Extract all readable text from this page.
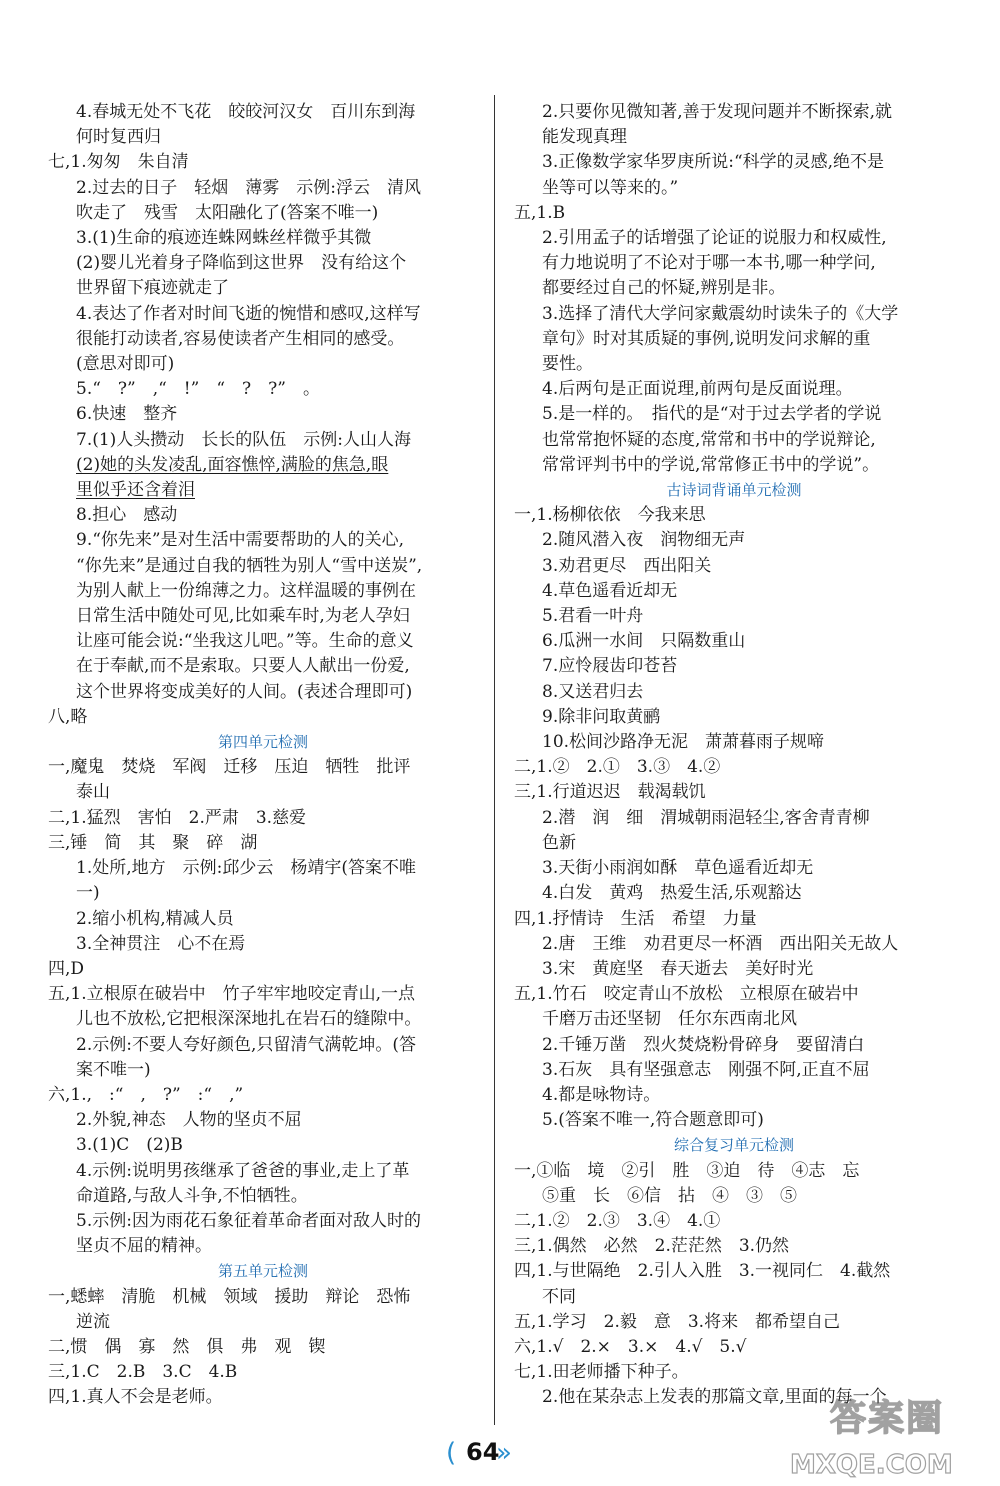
4.春城无处不飞花　皎皎河汉女　百川东到海
何时复西归
七,1.匆匆　朱自清
2.过去的日子　轻烟　薄雾　示例:浮云　清风
吹走了　残雪　太阳融化了(答案不唯一)
3.(1)生命的痕迹连蛛网蛛丝样微乎其微
(2)婴儿光着身子降临到这世界　没有给这个
世界留下痕迹就走了
4.表达了作者对时间飞逝的惋惜和感叹,这样写
很能打动读者,容易使读者产生相同的感受。
(意思对即可)
5.“　?”　,“　!”　“　?　?”　。
6.快速　整齐
7.(1)人头攒动　长长的队伍　示例:人山人海
(2)她的头发凌乱,面容憔悴,满脸的焦急,眼
里似乎还含着泪
8.担心　感动
9.“你先来”是对生活中需要帮助的人的关心,
“你先来”是通过自我的牺牲为别人“雪中送炭”,
为别人献上一份绵薄之力。这样温暖的事例在
日常生活中随处可见,比如乘车时,为老人孕妇
让座可能会说:“坐我这儿吧。”等。生命的意义
在于奉献,而不是索取。只要人人献出一份爱,
这个世界将变成美好的人间。(表述合理即可)
八,略
第四单元检测
一,魔鬼　焚烧　军阀　迁移　压迫　牺牲　批评
泰山
二,1.猛烈　害怕　2.严肃　3.慈爱
三,锤　简　其　聚　碎　湖
1.处所,地方　示例:邱少云　杨靖宇(答案不唯
一)
2.缩小机构,精减人员
3.全神贯注　心不在焉
四,D
五,1.立根原在破岩中　竹子牢牢地咬定青山,一点
儿也不放松,它把根深深地扎在岩石的缝隙中。
2.示例:不要人夸好颜色,只留清气满乾坤。(答
案不唯一)
六,1.,　:“　,　?”　:“　,”
2.外貌,神态　人物的坚贞不屈
3.(1)C　(2)B
4.示例:说明男孩继承了爸爸的事业,走上了革
命道路,与敌人斗争,不怕牺牲。
5.示例:因为雨花石象征着革命者面对敌人时的
坚贞不屈的精神。
第五单元检测
一,蟋蟀　清脆　机械　领域　援助　辩论　恐怖
逆流
二,惯　偶　寡　然　俱　弗　观　锲
三,1.C　2.B　3.C　4.B
四,1.真人不会是老师。
2.只要你见微知著,善于发现问题并不断探索,就
能发现真理
3.正像数学家华罗庚所说:“科学的灵感,绝不是
坐等可以等来的。”
五,1.B
2.引用孟子的话增强了论证的说服力和权威性,
有力地说明了不论对于哪一本书,哪一种学问,
都要经过自己的怀疑,辨别是非。
3.选择了清代大学问家戴震幼时读朱子的《大学
章句》时对其质疑的事例,说明发问求解的重
要性。
4.后两句是正面说理,前两句是反面说理。
5.是一样的。　指代的是“对于过去学者的学说
也常常抱怀疑的态度,常常和书中的学说辩论,
常常评判书中的学说,常常修正书中的学说”。
古诗词背诵单元检测
一,1.杨柳依依　今我来思
2.随风潜入夜　润物细无声
3.劝君更尽　西出阳关
4.草色遥看近却无
5.君看一叶舟
6.瓜洲一水间　只隔数重山
7.应怜屐齿印苍苔
8.又送君归去
9.除非问取黄鹂
10.松间沙路净无泥　萧萧暮雨子规啼
二,1.②　2.①　3.③　4.②
三,1.行道迟迟　载渴载饥
2.潜　润　细　渭城朝雨浥轻尘,客舍青青柳
色新
3.天街小雨润如酥　草色遥看近却无
4.白发　黄鸡　热爱生活,乐观豁达
四,1.抒情诗　生活　希望　力量
2.唐　王维　劝君更尽一杯酒　西出阳关无故人
3.宋　黄庭坚　春天逝去　美好时光
五,1.竹石　咬定青山不放松　立根原在破岩中
千磨万击还坚韧　任尔东西南北风
2.千锤万凿　烈火焚烧粉骨碎身　要留清白
3.石灰　具有坚强意志　刚强不阿,正直不屈
4.都是咏物诗。
5.(答案不唯一,符合题意即可)
综合复习单元检测
一,①临　境　②引　胜　③迫　待　④志　忘
⑤重　长　⑥信　拈　④　③　⑤
二,1.②　2.③　3.④　4.①
三,1.偶然　必然　2.茫茫然　3.仍然
四,1.与世隔绝　2.引人入胜　3.一视同仁　4.截然
不同
五,1.学习　2.毅　意　3.将来　都希望自己
六,1.√　2.×　3.×　4.√　5.√
七,1.田老师播下种子。
2.他在某杂志上发表的那篇文章,里面的每一个
( 64
»
答案圈
MXQE.COM
